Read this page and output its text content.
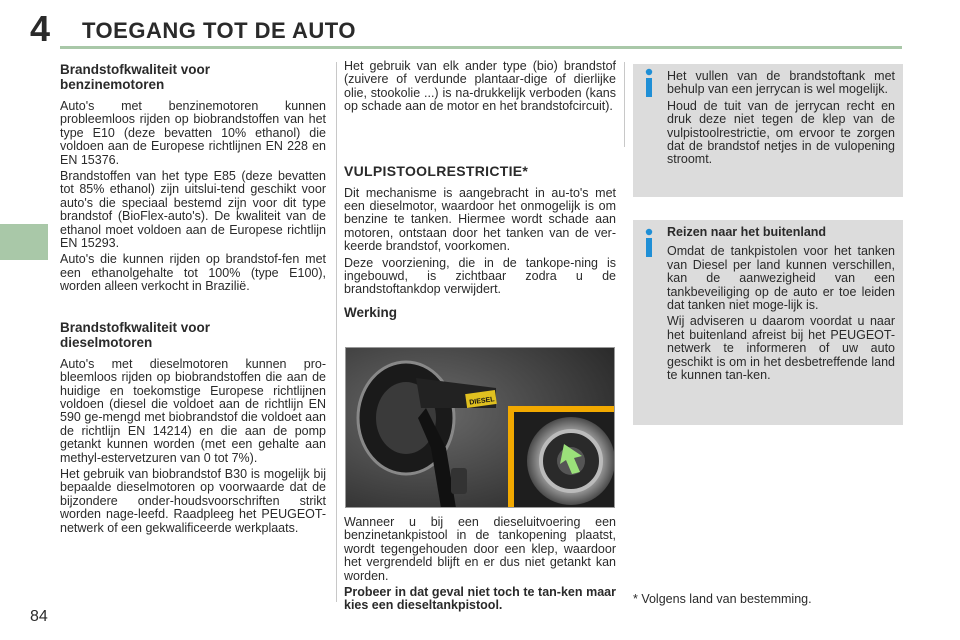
4 TOEGANG TOT DE AUTO
84
Brandstofkwaliteit voor benzinemotoren

Auto's met benzinemotoren kunnen probleemloos rijden op biobrandstoffen van het type E10 (deze bevatten 10% ethanol) die voldoen aan de Europese richtlijnen EN 228 en EN 15376.

Brandstoffen van het type E85 (deze bevatten tot 85% ethanol) zijn uitslui-tend geschikt voor auto's die speciaal bestemd zijn voor dit type brandstof (BioFlex-auto's). De kwaliteit van de ethanol moet voldoen aan de Europese richtlijn EN 15293.

Auto's die kunnen rijden op brandstof-fen met een ethanolgehalte tot 100% (type E100), worden alleen verkocht in Brazilië.

Brandstofkwaliteit voor dieselmotoren

Auto's met dieselmotoren kunnen pro-bleemloos rijden op biobrandstoffen die aan de huidige en toekomstige Europese richtlijnen voldoen (diesel die voldoet aan de richtlijn EN 590 ge-mengd met biobrandstof die voldoet aan de richtlijn EN 14214) en die aan de pomp getankt kunnen worden (met een gehalte aan methyl-estervetzuren van 0 tot 7%).

Het gebruik van biobrandstof B30 is mogelijk bij bepaalde dieselmotoren op voorwaarde dat de bijzondere onder-houdsvoorschriften strikt worden nage-leefd. Raadpleeg het PEUGEOT-netwerk of een gekwalificeerde werkplaats.

Het gebruik van elk ander type (bio) brandstof (zuivere of verdunde plantaar-dige of dierlijke olie, stookolie ...) is na-drukkelijk verboden (kans op schade aan de motor en het brandstofcircuit).

VULPISTOOLRESTRICTIE*

Dit mechanisme is aangebracht in au-to's met een dieselmotor, waardoor het onmogelijk is om benzine te tanken. Hiermee wordt schade aan motoren, ontstaan door het tanken van de ver-keerde brandstof, voorkomen.

Deze voorziening, die in de tankope-ning is ingebouwd, is zichtbaar zodra u de brandstoftankdop verwijdert.

Werking
DIESEL

Wanneer u bij een dieseluitvoering een benzinetankpistool in de tankopening plaatst, wordt tegengehouden door een klep, waardoor het vergrendeld blijft en er dus niet getankt kan worden.

Probeer in dat geval niet toch te tan-ken maar kies een dieseltankpistool.

Het vullen van de brandstoftank met behulp van een jerrycan is wel mogelijk.

Houd de tuit van de jerrycan recht en druk deze niet tegen de klep van de vulpistoolrestrictie, om ervoor te zorgen dat de brandstof netjes in de vulopening stroomt.

Reizen naar het buitenland

Omdat de tankpistolen voor het tanken van Diesel per land kunnen verschillen, kan de aanwezigheid van een tankbeveiliging op de auto er toe leiden dat tanken niet moge-lijk is.

Wij adviseren u daarom voordat u naar het buitenland afreist bij het PEUGEOT-netwerk te informeren of uw auto geschikt is om in het desbetreffende land te kunnen tan-ken.

* Volgens land van bestemming.
